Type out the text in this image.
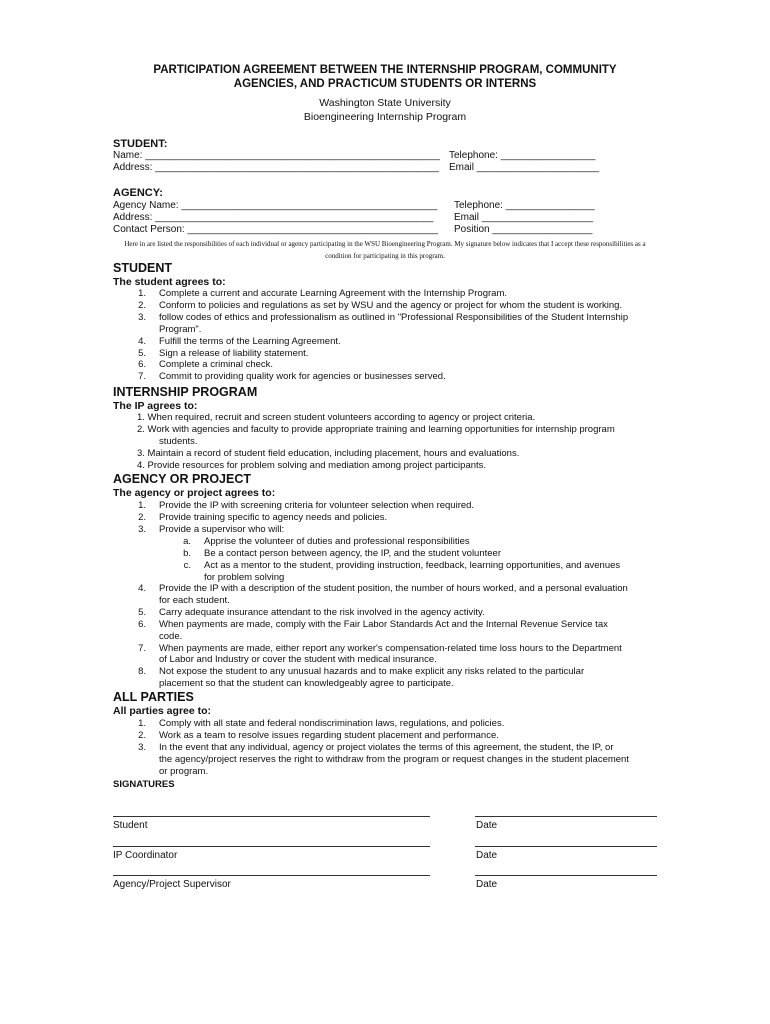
PARTICIPATION AGREEMENT BETWEEN THE INTERNSHIP PROGRAM, COMMUNITY
AGENCIES, AND PRACTICUM STUDENTS OR INTERNS
Washington State University
Bioengineering Internship Program
STUDENT:
Name: _____________________________________________________ Telephone: _________________
Address: ___________________________________________________ Email ______________________
AGENCY:
Agency Name: ______________________________________________ Telephone: ________________
Address: __________________________________________________ Email ____________________
Contact Person: _____________________________________________ Position __________________
Here in are listed the responsibilities of each individual or agency participating in the WSU Bioengineering Program. My signature below indicates that I accept these responsibilities as a
condition for participating in this program.
STUDENT
The student agrees to:
1. Complete a current and accurate Learning Agreement with the Internship Program.
2. Conform to policies and regulations as set by WSU and the agency or project for whom the student is working.
3. follow codes of ethics and professionalism as outlined in "Professional Responsibilities of the Student Internship
Program".
4. Fulfill the terms of the Learning Agreement.
5. Sign a release of liability statement.
6. Complete a criminal check.
7. Commit to providing quality work for agencies or businesses served.
INTERNSHIP PROGRAM
The IP agrees to:
1. When required, recruit and screen student volunteers according to agency or project criteria.
2. Work with agencies and faculty to provide appropriate training and learning opportunities for internship program
students.
3. Maintain a record of student field education, including placement, hours and evaluations.
4. Provide resources for problem solving and mediation among project participants.
AGENCY OR PROJECT
The agency or project agrees to:
1. Provide the IP with screening criteria for volunteer selection when required.
2. Provide training specific to agency needs and policies.
3. Provide a supervisor who will:
a. Apprise the volunteer of duties and professional responsibilities
b. Be a contact person between agency, the IP, and the student volunteer
c. Act as a mentor to the student, providing instruction, feedback, learning opportunities, and avenues
for problem solving
4. Provide the IP with a description of the student position, the number of hours worked, and a personal evaluation
for each student.
5. Carry adequate insurance attendant to the risk involved in the agency activity.
6. When payments are made, comply with the Fair Labor Standards Act and the Internal Revenue Service tax
code.
7. When payments are made, either report any worker's compensation-related time loss hours to the Department
of Labor and Industry or cover the student with medical insurance.
8. Not expose the student to any unusual hazards and to make explicit any risks related to the particular
placement so that the student can knowledgeably agree to participate.
ALL PARTIES
All parties agree to:
1. Comply with all state and federal nondiscrimination laws, regulations, and policies.
2. Work as a team to resolve issues regarding student placement and performance.
3. In the event that any individual, agency or project violates the terms of this agreement, the student, the IP, or
the agency/project reserves the right to withdraw from the program or request changes in the student placement
or program.
SIGNATURES
Student	Date
IP Coordinator	Date
Agency/Project Supervisor	Date
